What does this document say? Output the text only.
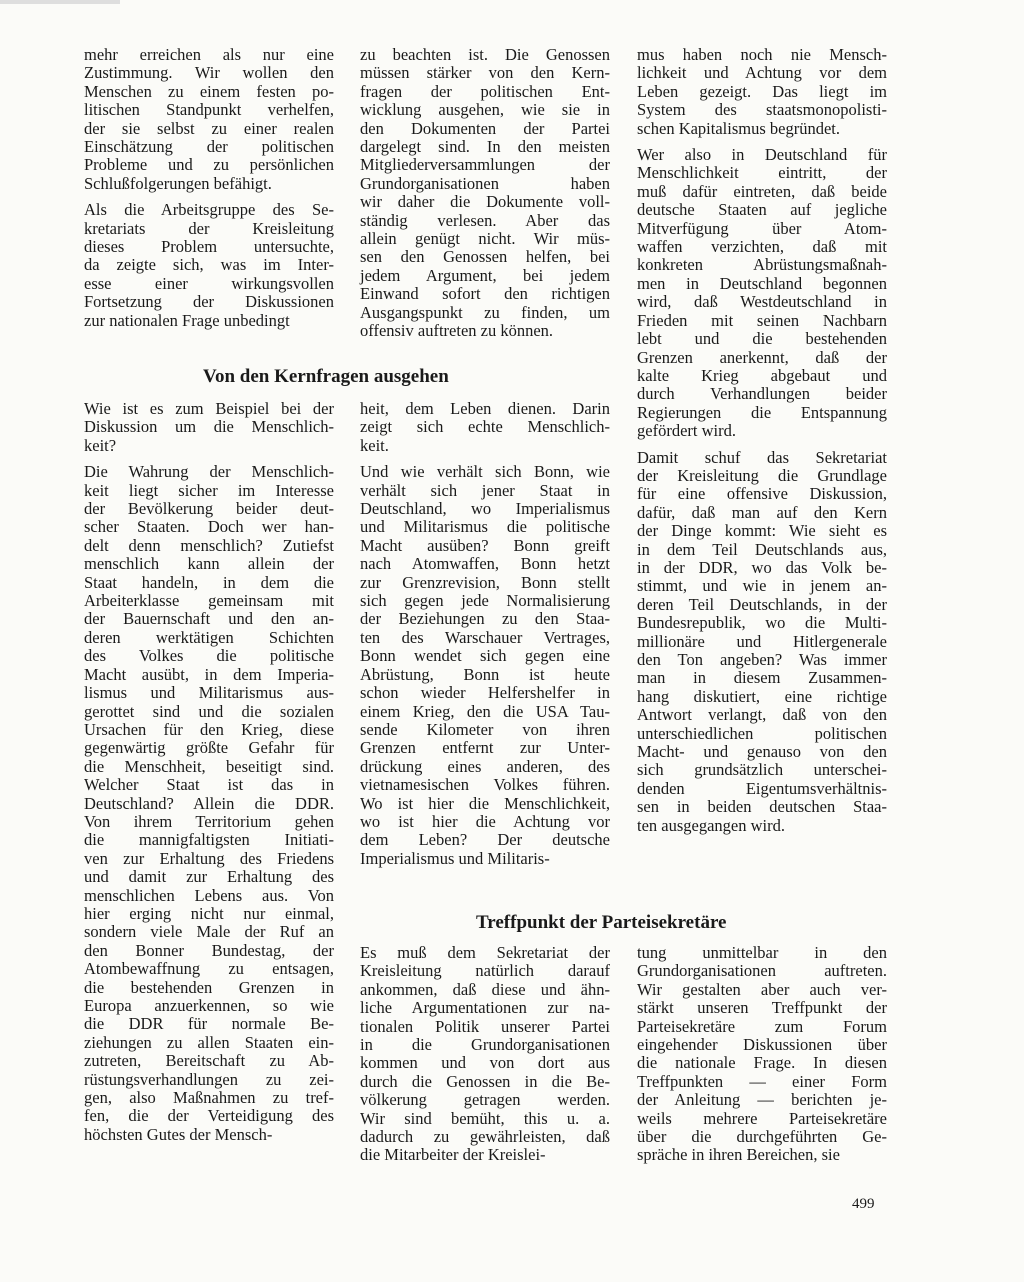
mehr erreichen als nur eine
Zustimmung. Wir wollen den
Menschen zu einem festen po-
litischen Standpunkt verhelfen,
der sie selbst zu einer realen
Einschätzung der politischen
Probleme und zu persönlichen
Schlußfolgerungen befähigt.

Als die Arbeitsgruppe des Se-
kretariats der Kreisleitung
dieses Problem untersuchte,
da zeigte sich, was im Inter-
esse einer wirkungsvollen
Fortsetzung der Diskussionen
zur nationalen Frage unbedingt

zu beachten ist. Die Genossen
müssen stärker von den Kern-
fragen der politischen Ent-
wicklung ausgehen, wie sie in
den Dokumenten der Partei
dargelegt sind. In den meisten
Mitgliederversammlungen der
Grundorganisationen haben
wir daher die Dokumente voll-
ständig verlesen. Aber das
allein genügt nicht. Wir müs-
sen den Genossen helfen, bei
jedem Argument, bei jedem
Einwand sofort den richtigen
Ausgangspunkt zu finden, um
offensiv auftreten zu können.

mus haben noch nie Mensch-
lichkeit und Achtung vor dem
Leben gezeigt. Das liegt im
System des staatsmonopolisti-
schen Kapitalismus begründet.

Wer also in Deutschland für
Menschlichkeit eintritt, der
muß dafür eintreten, daß beide
deutsche Staaten auf jegliche
Mitverfügung über Atom-
waffen verzichten, daß mit
konkreten Abrüstungsmaßnah-
men in Deutschland begonnen
wird, daß Westdeutschland in
Frieden mit seinen Nachbarn
lebt und die bestehenden
Grenzen anerkennt, daß der
kalte Krieg abgebaut und
durch Verhandlungen beider
Regierungen die Entspannung
gefördert wird.

Damit schuf das Sekretariat
der Kreisleitung die Grundlage
für eine offensive Diskussion,
dafür, daß man auf den Kern
der Dinge kommt: Wie sieht es
in dem Teil Deutschlands aus,
in der DDR, wo das Volk be-
stimmt, und wie in jenem an-
deren Teil Deutschlands, in der
Bundesrepublik, wo die Multi-
millionäre und Hitlergenerale
den Ton angeben? Was immer
man in diesem Zusammen-
hang diskutiert, eine richtige
Antwort verlangt, daß von den
unterschiedlichen politischen
Macht- und genauso von den
sich grundsätzlich unterschei-
denden Eigentumsverhältnis-
sen in beiden deutschen Staa-
ten ausgegangen wird.

Von den Kernfragen ausgehen

Wie ist es zum Beispiel bei der
Diskussion um die Menschlich-
keit?

Die Wahrung der Menschlich-
keit liegt sicher im Interesse
der Bevölkerung beider deut-
scher Staaten. Doch wer han-
delt denn menschlich? Zutiefst
menschlich kann allein der
Staat handeln, in dem die
Arbeiterklasse gemeinsam mit
der Bauernschaft und den an-
deren werktätigen Schichten
des Volkes die politische
Macht ausübt, in dem Imperia-
lismus und Militarismus aus-
gerottet sind und die sozialen
Ursachen für den Krieg, diese
gegenwärtig größte Gefahr für
die Menschheit, beseitigt sind.
Welcher Staat ist das in
Deutschland? Allein die DDR.
Von ihrem Territorium gehen
die mannigfaltigsten Initiati-
ven zur Erhaltung des Friedens
und damit zur Erhaltung des
menschlichen Lebens aus. Von
hier erging nicht nur einmal,
sondern viele Male der Ruf an
den Bonner Bundestag, der
Atombewaffnung zu entsagen,
die bestehenden Grenzen in
Europa anzuerkennen, so wie
die DDR für normale Be-
ziehungen zu allen Staaten ein-
zutreten, Bereitschaft zu Ab-
rüstungsverhandlungen zu zei-
gen, also Maßnahmen zu tref-
fen, die der Verteidigung des
höchsten Gutes der Mensch-

heit, dem Leben dienen. Darin
zeigt sich echte Menschlich-
keit.

Und wie verhält sich Bonn, wie
verhält sich jener Staat in
Deutschland, wo Imperialismus
und Militarismus die politische
Macht ausüben? Bonn greift
nach Atomwaffen, Bonn hetzt
zur Grenzrevision, Bonn stellt
sich gegen jede Normalisierung
der Beziehungen zu den Staa-
ten des Warschauer Vertrages,
Bonn wendet sich gegen eine
Abrüstung, Bonn ist heute
schon wieder Helfershelfer in
einem Krieg, den die USA Tau-
sende Kilometer von ihren
Grenzen entfernt zur Unter-
drückung eines anderen, des
vietnamesischen Volkes führen.
Wo ist hier die Menschlichkeit,
wo ist hier die Achtung vor
dem Leben? Der deutsche
Imperialismus und Militaris-

Treffpunkt der Parteisekretäre

Es muß dem Sekretariat der
Kreisleitung natürlich darauf
ankommen, daß diese und ähn-
liche Argumentationen zur na-
tionalen Politik unserer Partei
in die Grundorganisationen
kommen und von dort aus
durch die Genossen in die Be-
völkerung getragen werden.
Wir sind bemüht, this u. a.
dadurch zu gewährleisten, daß
die Mitarbeiter der Kreislei-

tung unmittelbar in den
Grundorganisationen auftreten.
Wir gestalten aber auch ver-
stärkt unseren Treffpunkt der
Parteisekretäre zum Forum
eingehender Diskussionen über
die nationale Frage. In diesen
Treffpunkten — einer Form
der Anleitung — berichten je-
weils mehrere Parteisekretäre
über die durchgeführten Ge-
spräche in ihren Bereichen, sie

499
